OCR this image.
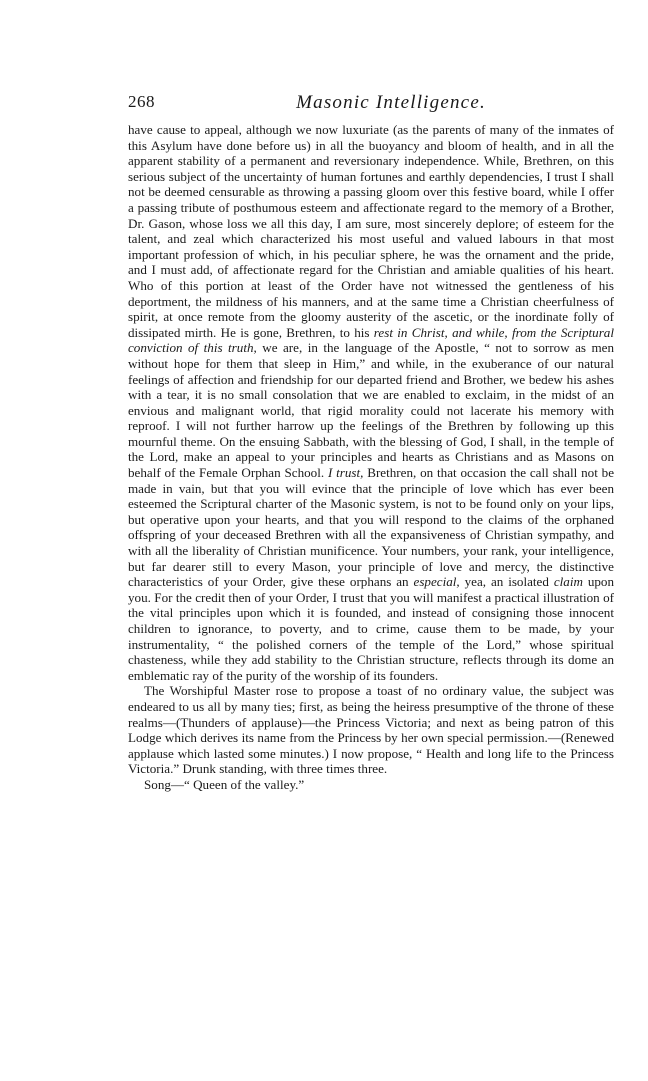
268	Masonic Intelligence.

have cause to appeal, although we now luxuriate (as the parents of many of the inmates of this Asylum have done before us) in all the buoyancy and bloom of health, and in all the apparent stability of a permanent and reversionary independence. While, Brethren, on this serious subject of the uncertainty of human fortunes and earthly dependencies, I trust I shall not be deemed censurable as throwing a passing gloom over this festive board, while I offer a passing tribute of posthumous esteem and affectionate regard to the memory of a Brother, Dr. Gason, whose loss we all this day, I am sure, most sincerely deplore; of esteem for the talent, and zeal which characterized his most useful and valued labours in that most important profession of which, in his peculiar sphere, he was the ornament and the pride, and I must add, of affectionate regard for the Christian and amiable qualities of his heart. Who of this portion at least of the Order have not witnessed the gentleness of his deportment, the mildness of his manners, and at the same time a Christian cheerfulness of spirit, at once remote from the gloomy austerity of the ascetic, or the inordinate folly of dissipated mirth. He is gone, Brethren, to his rest in Christ, and while, from the Scriptural conviction of this truth, we are, in the language of the Apostle, “ not to sorrow as men without hope for them that sleep in Him,” and while, in the exuberance of our natural feelings of affection and friendship for our departed friend and Brother, we bedew his ashes with a tear, it is no small consolation that we are enabled to exclaim, in the midst of an envious and malignant world, that rigid morality could not lacerate his memory with reproof. I will not further harrow up the feelings of the Brethren by following up this mournful theme. On the ensuing Sabbath, with the blessing of God, I shall, in the temple of the Lord, make an appeal to your principles and hearts as Christians and as Masons on behalf of the Female Orphan School. I trust, Brethren, on that occasion the call shall not be made in vain, but that you will evince that the principle of love which has ever been esteemed the Scriptural charter of the Masonic system, is not to be found only on your lips, but operative upon your hearts, and that you will respond to the claims of the orphaned offspring of your deceased Brethren with all the expansiveness of Christian sympathy, and with all the liberality of Christian munificence. Your numbers, your rank, your intelligence, but far dearer still to every Mason, your principle of love and mercy, the distinctive characteristics of your Order, give these orphans an especial, yea, an isolated claim upon you. For the credit then of your Order, I trust that you will manifest a practical illustration of the vital principles upon which it is founded, and instead of consigning those innocent children to ignorance, to poverty, and to crime, cause them to be made, by your instrumentality, “ the polished corners of the temple of the Lord,” whose spiritual chasteness, while they add stability to the Christian structure, reflects through its dome an emblematic ray of the purity of the worship of its founders.

The Worshipful Master rose to propose a toast of no ordinary value, the subject was endeared to us all by many ties; first, as being the heiress presumptive of the throne of these realms—(Thunders of applause)—the Princess Victoria; and next as being patron of this Lodge which derives its name from the Princess by her own special permission.—(Renewed applause which lasted some minutes.) I now propose, “ Health and long life to the Princess Victoria.” Drunk standing, with three times three.

Song—“ Queen of the valley.”
